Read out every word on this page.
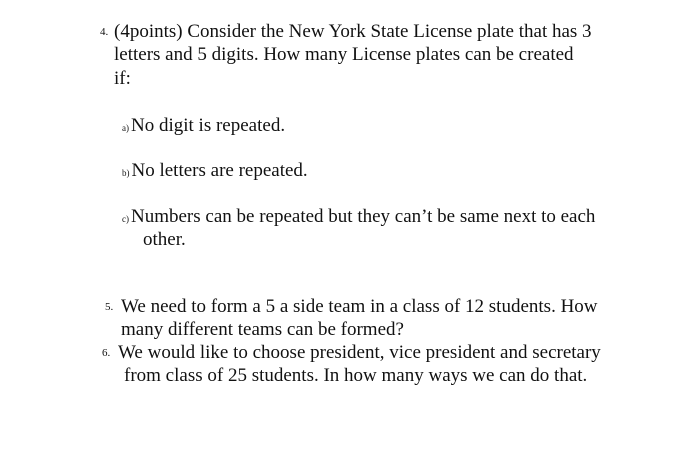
4. (4points) Consider the New York State License plate that has 3
letters and 5 digits. How many License plates can be created
if:
a) No digit is repeated.
b) No letters are repeated.
c) Numbers can be repeated but they can’t be same next to each
other.
5. We need to form a 5 a side team in a class of 12 students. How
many different teams can be formed?
6. We would like to choose president, vice president and secretary
from class of 25 students. In how many ways we can do that.
